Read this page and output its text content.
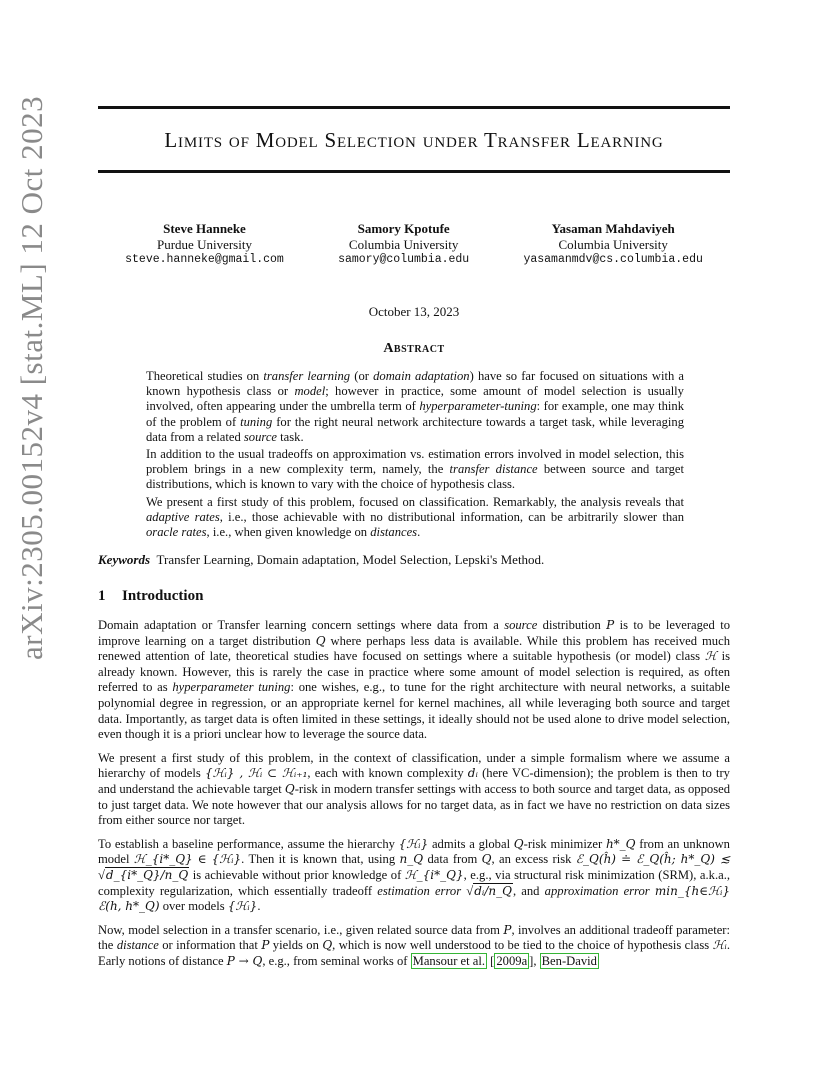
arXiv:2305.00152v4 [stat.ML] 12 Oct 2023	Limits of Model Selection under Transfer Learning
Steve Hanneke
Purdue University
steve.hanneke@gmail.com
Samory Kpotufe
Columbia University
samory@columbia.edu
Yasaman Mahdaviyeh
Columbia University
yasamanmdv@cs.columbia.edu
October 13, 2023
Abstract

Theoretical studies on transfer learning (or domain adaptation) have so far focused on situations with a known hypothesis class or model; however in practice, some amount of model selection is usually involved, often appearing under the umbrella term of hyperparameter-tuning: for example, one may think of the problem of tuning for the right neural network architecture towards a target task, while leveraging data from a related source task.

In addition to the usual tradeoffs on approximation vs. estimation errors involved in model selection, this problem brings in a new complexity term, namely, the transfer distance between source and target distributions, which is known to vary with the choice of hypothesis class.

We present a first study of this problem, focused on classification. Remarkably, the analysis reveals that adaptive rates, i.e., those achievable with no distributional information, can be arbitrarily slower than oracle rates, i.e., when given knowledge on distances.

Keywords Transfer Learning, Domain adaptation, Model Selection, Lepski's Method.
1 Introduction

Domain adaptation or Transfer learning concern settings where data from a source distribution P is to be leveraged to improve learning on a target distribution Q where perhaps less data is available. While this problem has received much renewed attention of late, theoretical studies have focused on settings where a suitable hypothesis (or model) class ℋ is already known. However, this is rarely the case in practice where some amount of model selection is required, as often referred to as hyperparameter tuning: one wishes, e.g., to tune for the right architecture with neural networks, a suitable polynomial degree in regression, or an appropriate kernel for kernel machines, all while leveraging both source and target data. Importantly, as target data is often limited in these settings, it ideally should not be used alone to drive model selection, even though it is a priori unclear how to leverage the source data.

We present a first study of this problem, in the context of classification, under a simple formalism where we assume a hierarchy of models {ℋᵢ} , ℋᵢ ⊂ ℋᵢ₊₁, each with known complexity dᵢ (here VC-dimension); the problem is then to try and understand the achievable target Q-risk in modern transfer settings with access to both source and target data, as opposed to just target data. We note however that our analysis allows for no target data, as in fact we have no restriction on data sizes from either source nor target.

To establish a baseline performance, assume the hierarchy {ℋᵢ} admits a global Q-risk minimizer h*_Q from an unknown model ℋ_{i*_Q} ∈ {ℋᵢ}. Then it is known that, using n_Q data from Q, an excess risk ℰ_Q(ĥ) ≐ ℰ_Q(ĥ; h*_Q) ≲ √d_{i*_Q}/n_Q is achievable without prior knowledge of ℋ_{i*_Q}, e.g., via structural risk minimization (SRM), a.k.a., complexity regularization, which essentially tradeoff estimation error √dᵢ/n_Q, and approximation error min_{h∈ℋᵢ} ℰ(h, h*_Q) over models {ℋᵢ}.

Now, model selection in a transfer scenario, i.e., given related source data from P, involves an additional tradeoff parameter: the distance or information that P yields on Q, which is now well understood to be tied to the choice of hypothesis class ℋᵢ. Early notions of distance P → Q, e.g., from seminal works of Mansour et al. [ 2009a ], Ben-David
